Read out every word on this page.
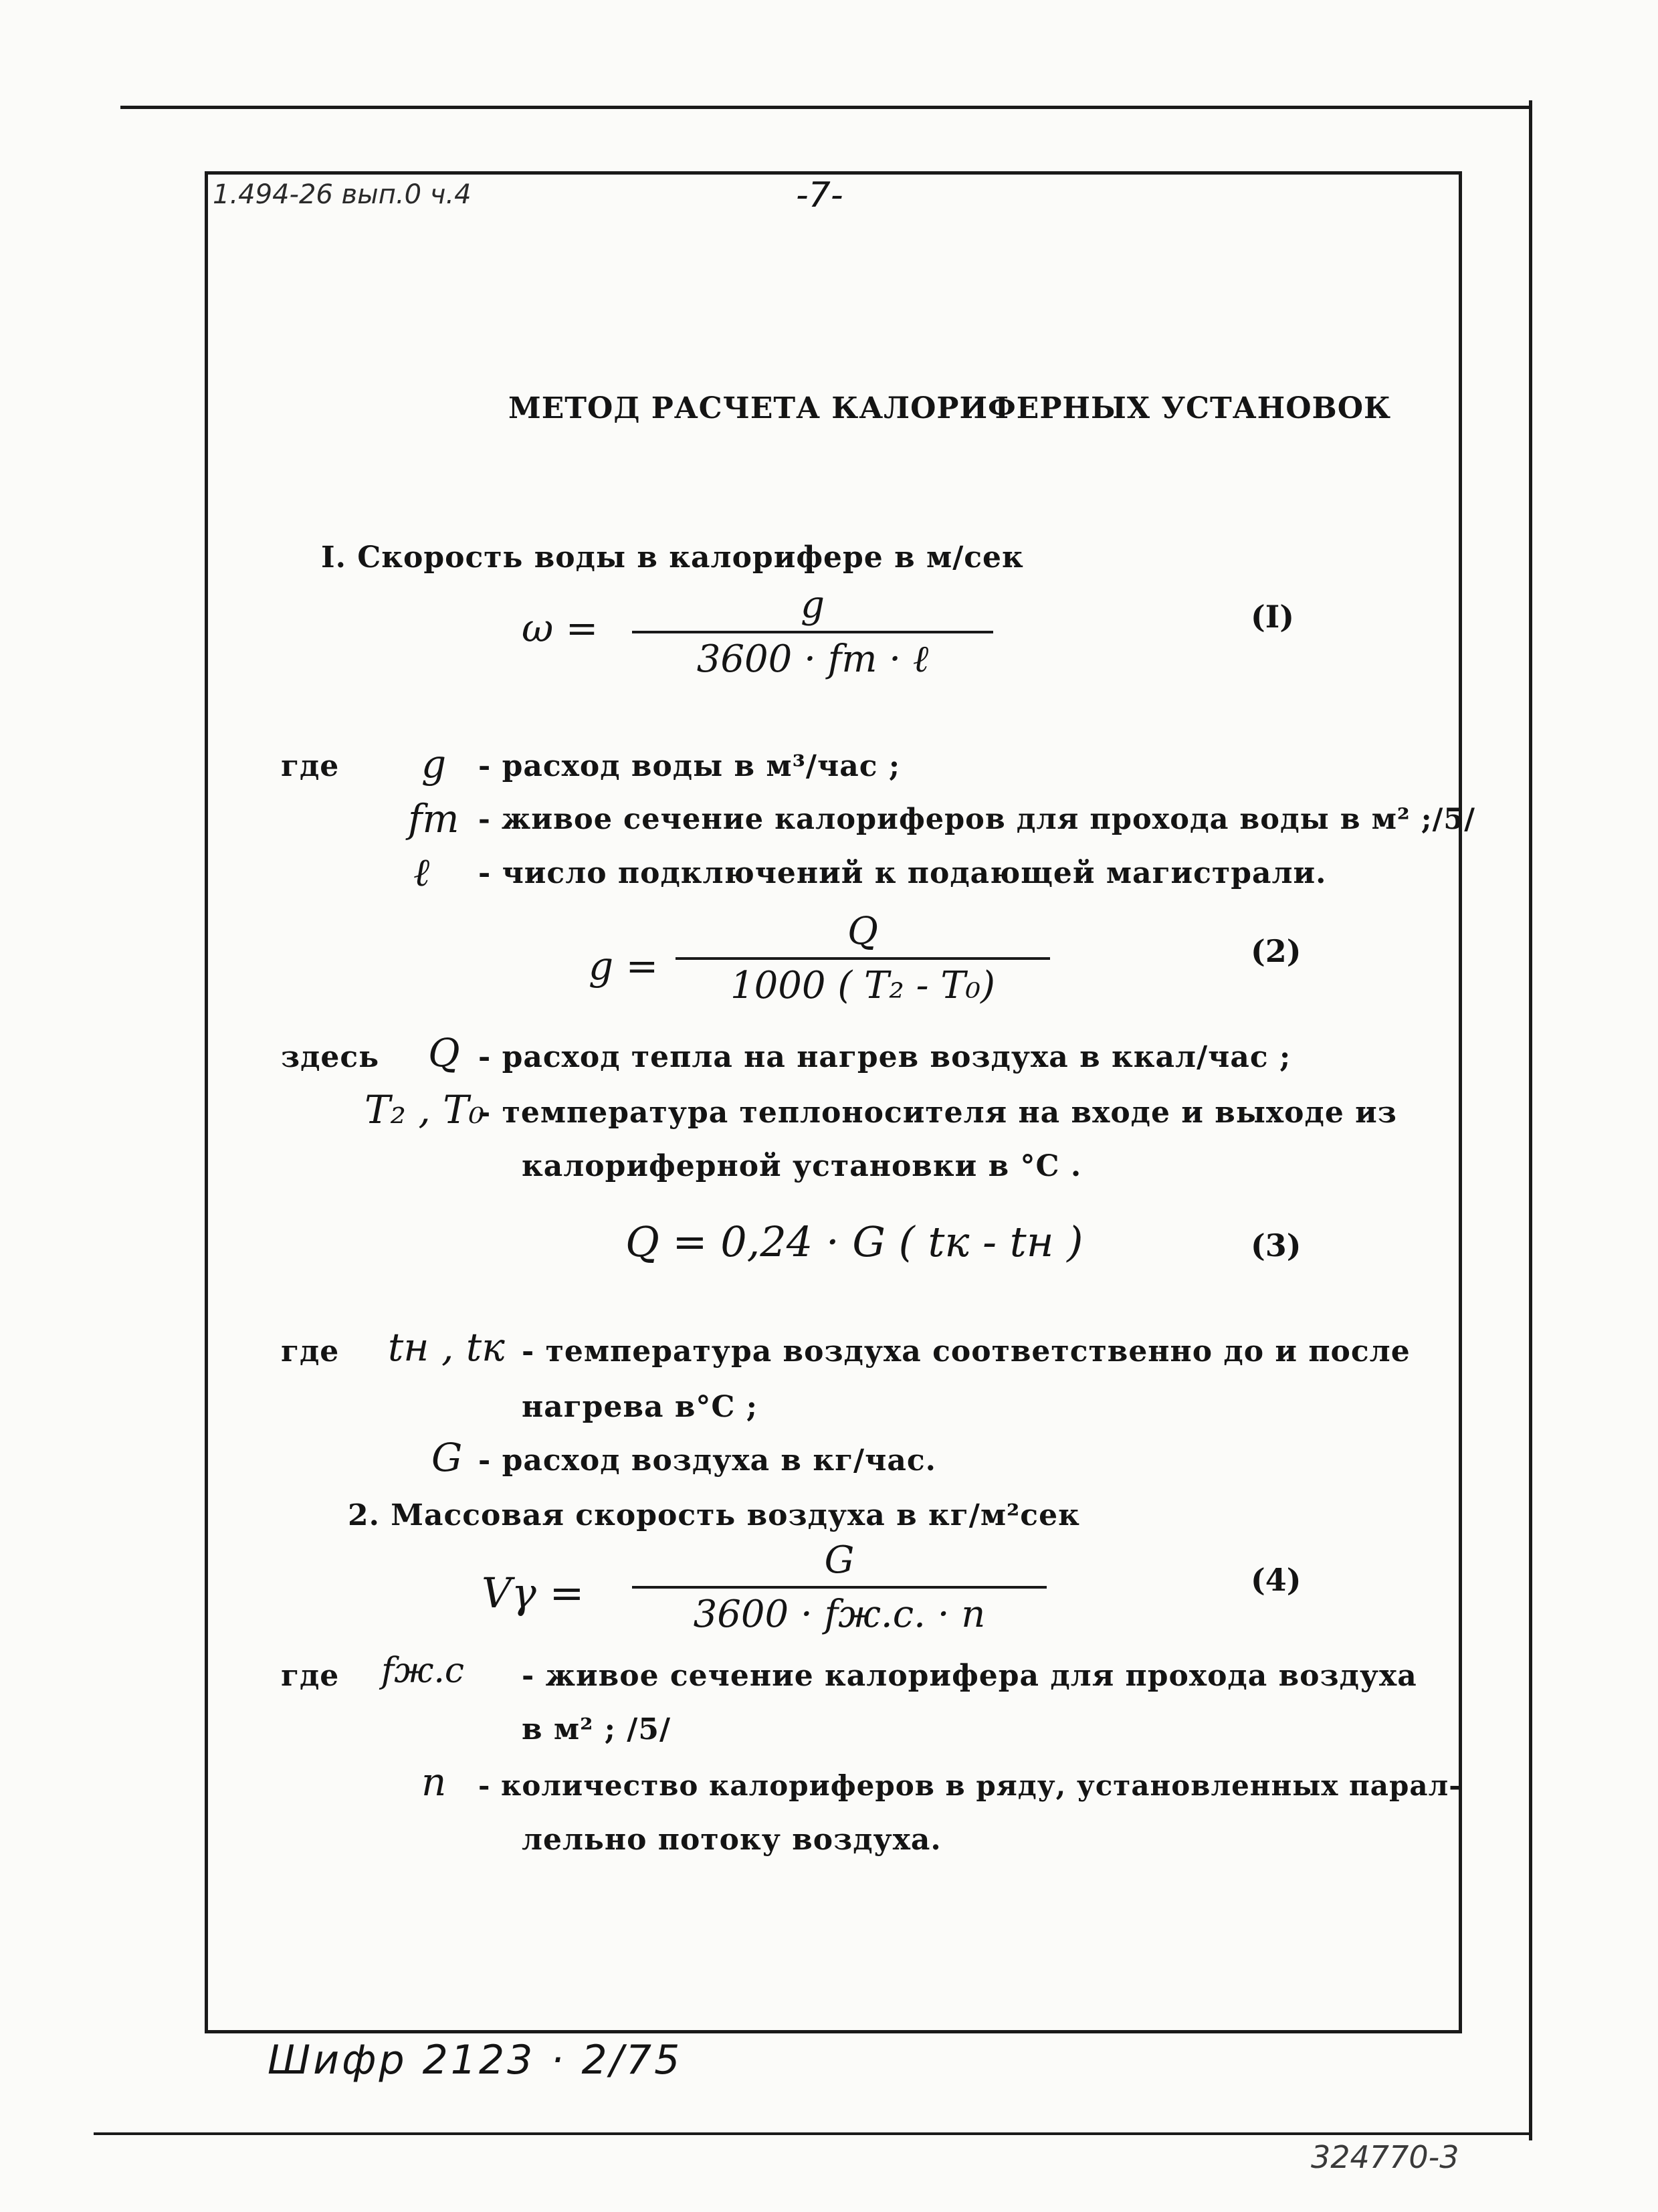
1.494-26 вып.0 ч.4	-7-
МЕТОД РАСЧЕТА КАЛОРИФЕРНЫХ УСТАНОВОК
I. Скорость воды в калорифере в м/сек
ω =
g
3600 · fт · ℓ
(I)
где g - расход воды в м³/час ;
fт - живое сечение калориферов для прохода воды в м² ;/5/
ℓ - число подключений к подающей магистрали.
g =
Q
1000 ( T₂ - T₀)
(2)
здесь Q - расход тепла на нагрев воздуха в ккал/час ;
T₂ , T₀
- температура теплоносителя на входе и выходе из
калориферной установки в °C .
Q = 0,24 · G ( tк - tн )	(3)
где tн , tк - температура воздуха соответственно до и после
нагрева в°C ;
G - расход воздуха в кг/час.
2. Массовая скорость воздуха в кг/м²сек
Vγ =
G
3600 · fж.с. · n
(4)
где fж.с - живое сечение калорифера для прохода воздуха
в м² ; /5/
n - количество калориферов в ряду, установленных парал-
лельно потоку воздуха.
Шифр 2123 · 2/75
324770-3
